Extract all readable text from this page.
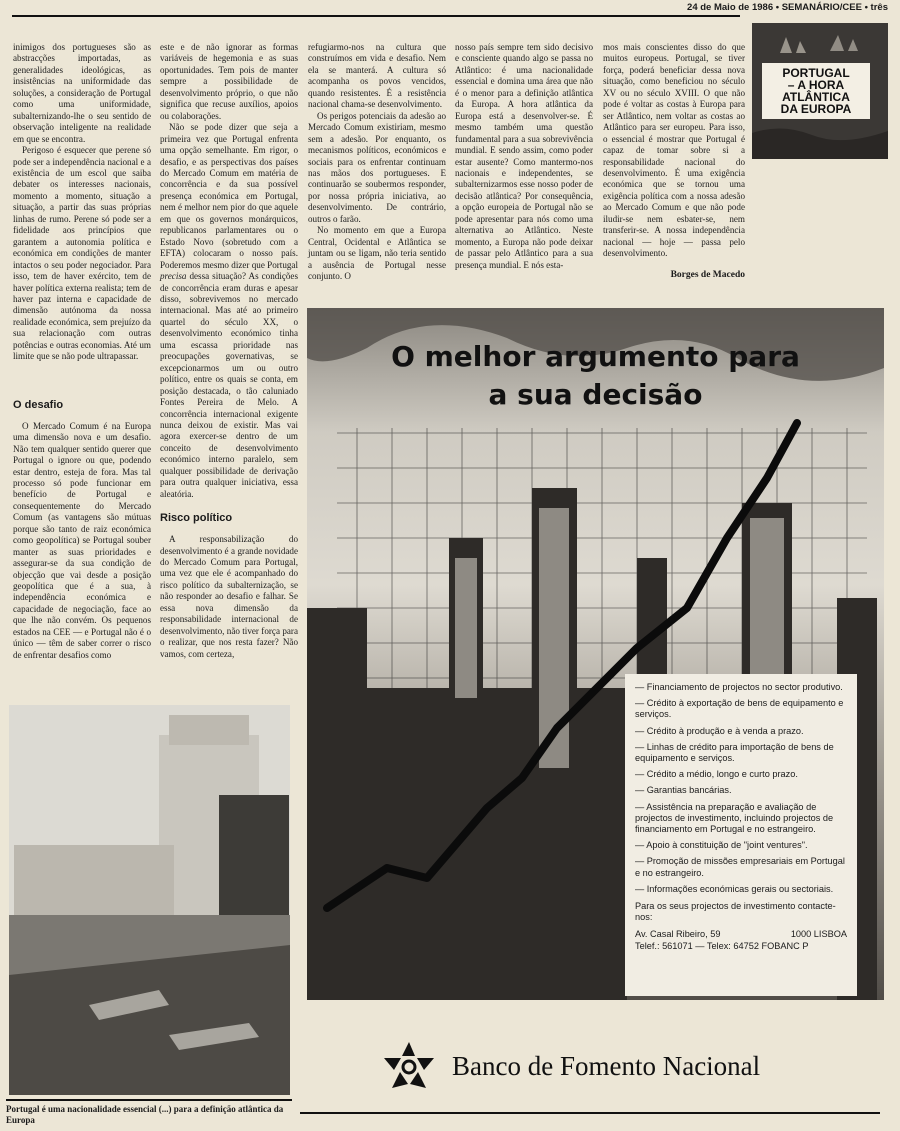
24 de Maio de 1986 • SEMANÁRIO/CEE • três
PORTUGAL
– A HORA
ATLÂNTICA
DA EUROPA

inimigos dos portugueses são as abstracções importadas, as generalidades ideológicas, as insistências na uniformidade das soluções, a consideração de Portugal como uma uniformidade, subalternizando-lhe o seu sentido de observação inteligente na realidade em que se encontra.

Perigoso é esquecer que perene só pode ser a independência nacional e a existência de um escol que saiba debater os interesses nacionais, momento a momento, situação a situação, a partir das suas próprias linhas de rumo. Perene só pode ser a fidelidade aos princípios que garantem a autonomia política e económica em condições de manter intactos o seu poder negociador. Para isso, tem de haver exército, tem de haver política externa realista; tem de haver paz interna e capacidade de dimensão autónoma da nossa realidade económica, sem prejuízo da sua relacionação com outras potências e outras economias. Até um limite que se não pode ultrapassar.

O desafio

O Mercado Comum é na Europa uma dimensão nova e um desafio. Não tem qualquer sentido querer que Portugal o ignore ou que, podendo estar dentro, esteja de fora. Mas tal processo só pode funcionar em benefício de Portugal e consequentemente do Mercado Comum (as vantagens são mútuas porque são tanto de raiz económica como geopolítica) se Portugal souber manter as suas prioridades e assegurar-se da sua condição de objecção que vai desde a posição geopolítica que é a sua, à independência económica e capacidade de negociação, face ao que lhe não convém. Os pequenos estados na CEE — e Portugal não é o único — têm de saber correr o risco de enfrentar desafios como

este e de não ignorar as formas variáveis de hegemonia e as suas oportunidades. Tem pois de manter sempre a possibilidade de desenvolvimento próprio, o que não significa que recuse auxílios, apoios ou colaborações.

Não se pode dizer que seja a primeira vez que Portugal enfrenta uma opção semelhante. Em rigor, o desafio, e as perspectivas dos países do Mercado Comum em matéria de concorrência e da sua possível presença económica em Portugal, nem é melhor nem pior do que aquele em que os governos monárquicos, republicanos parlamentares ou o Estado Novo (sobretudo com a EFTA) colocaram o nosso país. Poderemos mesmo dizer que Portugal precisa dessa situação? As condições de concorrência eram duras e apesar disso, sobrevivemos no mercado internacional. Mas até ao primeiro quartel do século XX, o desenvolvimento económico tinha uma escassa prioridade nas preocupações governativas, se excepcionarmos um ou outro político, entre os quais se conta, em posição destacada, o tão caluniado Fontes Pereira de Melo. A concorrência internacional exigente nunca deixou de existir. Mas vai agora exercer-se dentro de um conceito de desenvolvimento económico interno paralelo, sem qualquer possibilidade de derivação para outra qualquer iniciativa, essa aleatória.

Risco político

A responsabilização do desenvolvimento é a grande novidade do Mercado Comum para Portugal, uma vez que ele é acompanhado do risco político da subalternização, se não responder ao desafio e falhar. Se essa nova dimensão da responsabilidade internacional de desenvolvimento, não tiver força para o realizar, que nos resta fazer? Não vamos, com certeza,

refugiarmo-nos na cultura que construímos em vida e desafio. Nem ela se manterá. A cultura só acompanha os povos vencidos, quando resistentes. É a resistência nacional chama-se desenvolvimento.

Os perigos potenciais da adesão ao Mercado Comum existiriam, mesmo sem a adesão. Por enquanto, os mecanismos políticos, económicos e sociais para os enfrentar continuam nas mãos dos portugueses. E continuarão se soubermos responder, por nossa própria iniciativa, ao desenvolvimento. De contrário, outros o farão.

No momento em que a Europa Central, Ocidental e Atlântica se juntam ou se ligam, não teria sentido a ausência de Portugal nesse conjunto. O

nosso país sempre tem sido decisivo e consciente quando algo se passa no Atlântico: é uma nacionalidade essencial e domina uma área que não é o menor para a definição atlântica da Europa. A hora atlântica da Europa está a desenvolver-se. É mesmo também uma questão fundamental para a sua sobrevivência mundial. E sendo assim, como poder estar ausente? Como mantermo-nos nacionais e independentes, se subalternizarmos esse nosso poder de decisão atlântica? Por consequência, a opção europeia de Portugal não se pode apresentar para nós como uma alternativa ao Atlântico. Neste momento, a Europa não pode deixar de passar pelo Atlântico para a sua presença mundial. E nós esta-

mos mais conscientes disso do que muitos europeus. Portugal, se tiver força, poderá beneficiar dessa nova situação, como beneficiou no século XV ou no século XVIII. O que não pode é voltar as costas à Europa para ser Atlântico, nem voltar as costas ao Atlântico para ser europeu. Para isso, o essencial é mostrar que Portugal é capaz de tomar sobre si a responsabilidade nacional do desenvolvimento. É uma exigência económica que se tornou uma exigência política com a nossa adesão ao Mercado Comum e que não pode iludir-se nem esbater-se, nem transferir-se. A nossa independência nacional — hoje — passa pelo desenvolvimento.

Borges de Macedo
Portugal é uma nacionalidade essencial (...) para a definição atlântica da Europa
O melhor argumento para
a sua decisão
— Financiamento de projectos no sector produtivo.
— Crédito à exportação de bens de equipamento e serviços.
— Crédito à produção e à venda a prazo.
— Linhas de crédito para importação de bens de equipamento e serviços.
— Crédito a médio, longo e curto prazo.
— Garantias bancárias.
— Assistência na preparação e avaliação de projectos de investimento, incluindo projectos de financiamento em Portugal e no estrangeiro.
— Apoio à constituição de "joint ventures".
— Promoção de missões empresariais em Portugal e no estrangeiro.
— Informações económicas gerais ou sectoriais.
Para os seus projectos de investimento contacte-nos:
Av. Casal Ribeiro, 59	1000 LISBOA
Telef.: 561071 — Telex: 64752 FOBANC P
Banco de Fomento Nacional
